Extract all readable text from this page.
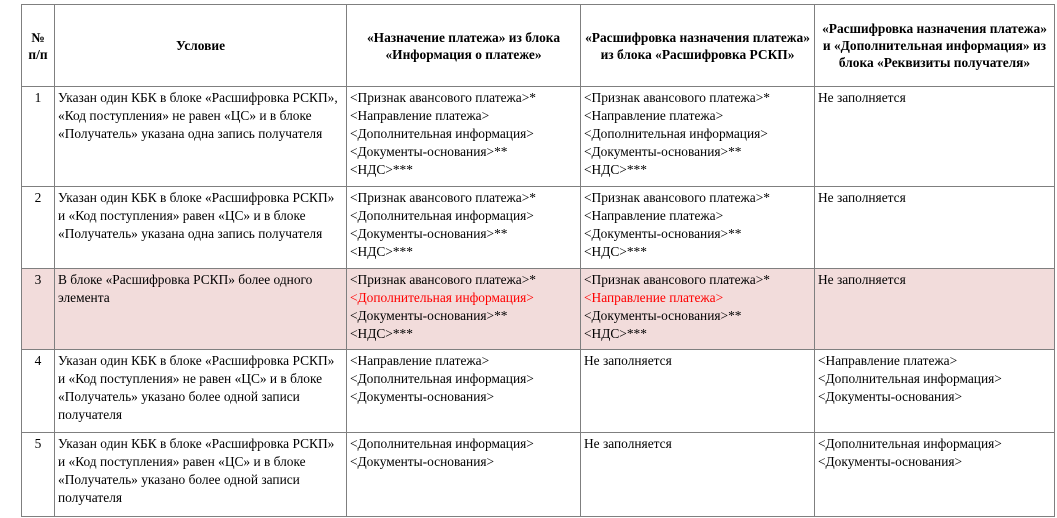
№ п/п	Условие	«Назначение платежа» из блока «Информация о платеже»	«Расшифровка назначения платежа» из блока «Расшифровка РСКП»	«Расшифровка назначения платежа» и «Дополнительная информация» из блока «Реквизиты получателя»
1	Указан один КБК в блоке «Расшифровка РСКП», «Код поступления» не равен «ЦС» и в блоке «Получатель» указана одна запись получателя	<Признак авансового платежа>*
<Направление платежа>
<Дополнительная информация>
<Документы-основания>**
<НДС>***	<Признак авансового платежа>*
<Направление платежа>
<Дополнительная информация>
<Документы-основания>**
<НДС>***	Не заполняется

2	Указан один КБК в блоке «Расшифровка РСКП» и «Код поступления» равен «ЦС» и в блоке «Получатель» указана одна запись получателя	<Признак авансового платежа>*
<Дополнительная информация>
<Документы-основания>**
<НДС>***	<Признак авансового платежа>*
<Направление платежа>
<Документы-основания>**
<НДС>***	Не заполняется

3	В блоке «Расшифровка РСКП» более одного элемента	<Признак авансового платежа>*
<Дополнительная информация>
<Документы-основания>**
<НДС>***	<Признак авансового платежа>*
<Направление платежа>
<Документы-основания>**
<НДС>***	Не заполняется

4	Указан один КБК в блоке «Расшифровка РСКП» и «Код поступления» не равен «ЦС» и в блоке «Получатель» указано более одной записи получателя	<Направление платежа>
<Дополнительная информация>
<Документы-основания>	Не заполняется	<Направление платежа>
<Дополнительная информация>
<Документы-основания>

5	Указан один КБК в блоке «Расшифровка РСКП» и «Код поступления» равен «ЦС» и в блоке «Получатель» указано более одной записи получателя	<Дополнительная информация>
<Документы-основания>	Не заполняется	<Дополнительная информация>
<Документы-основания>
